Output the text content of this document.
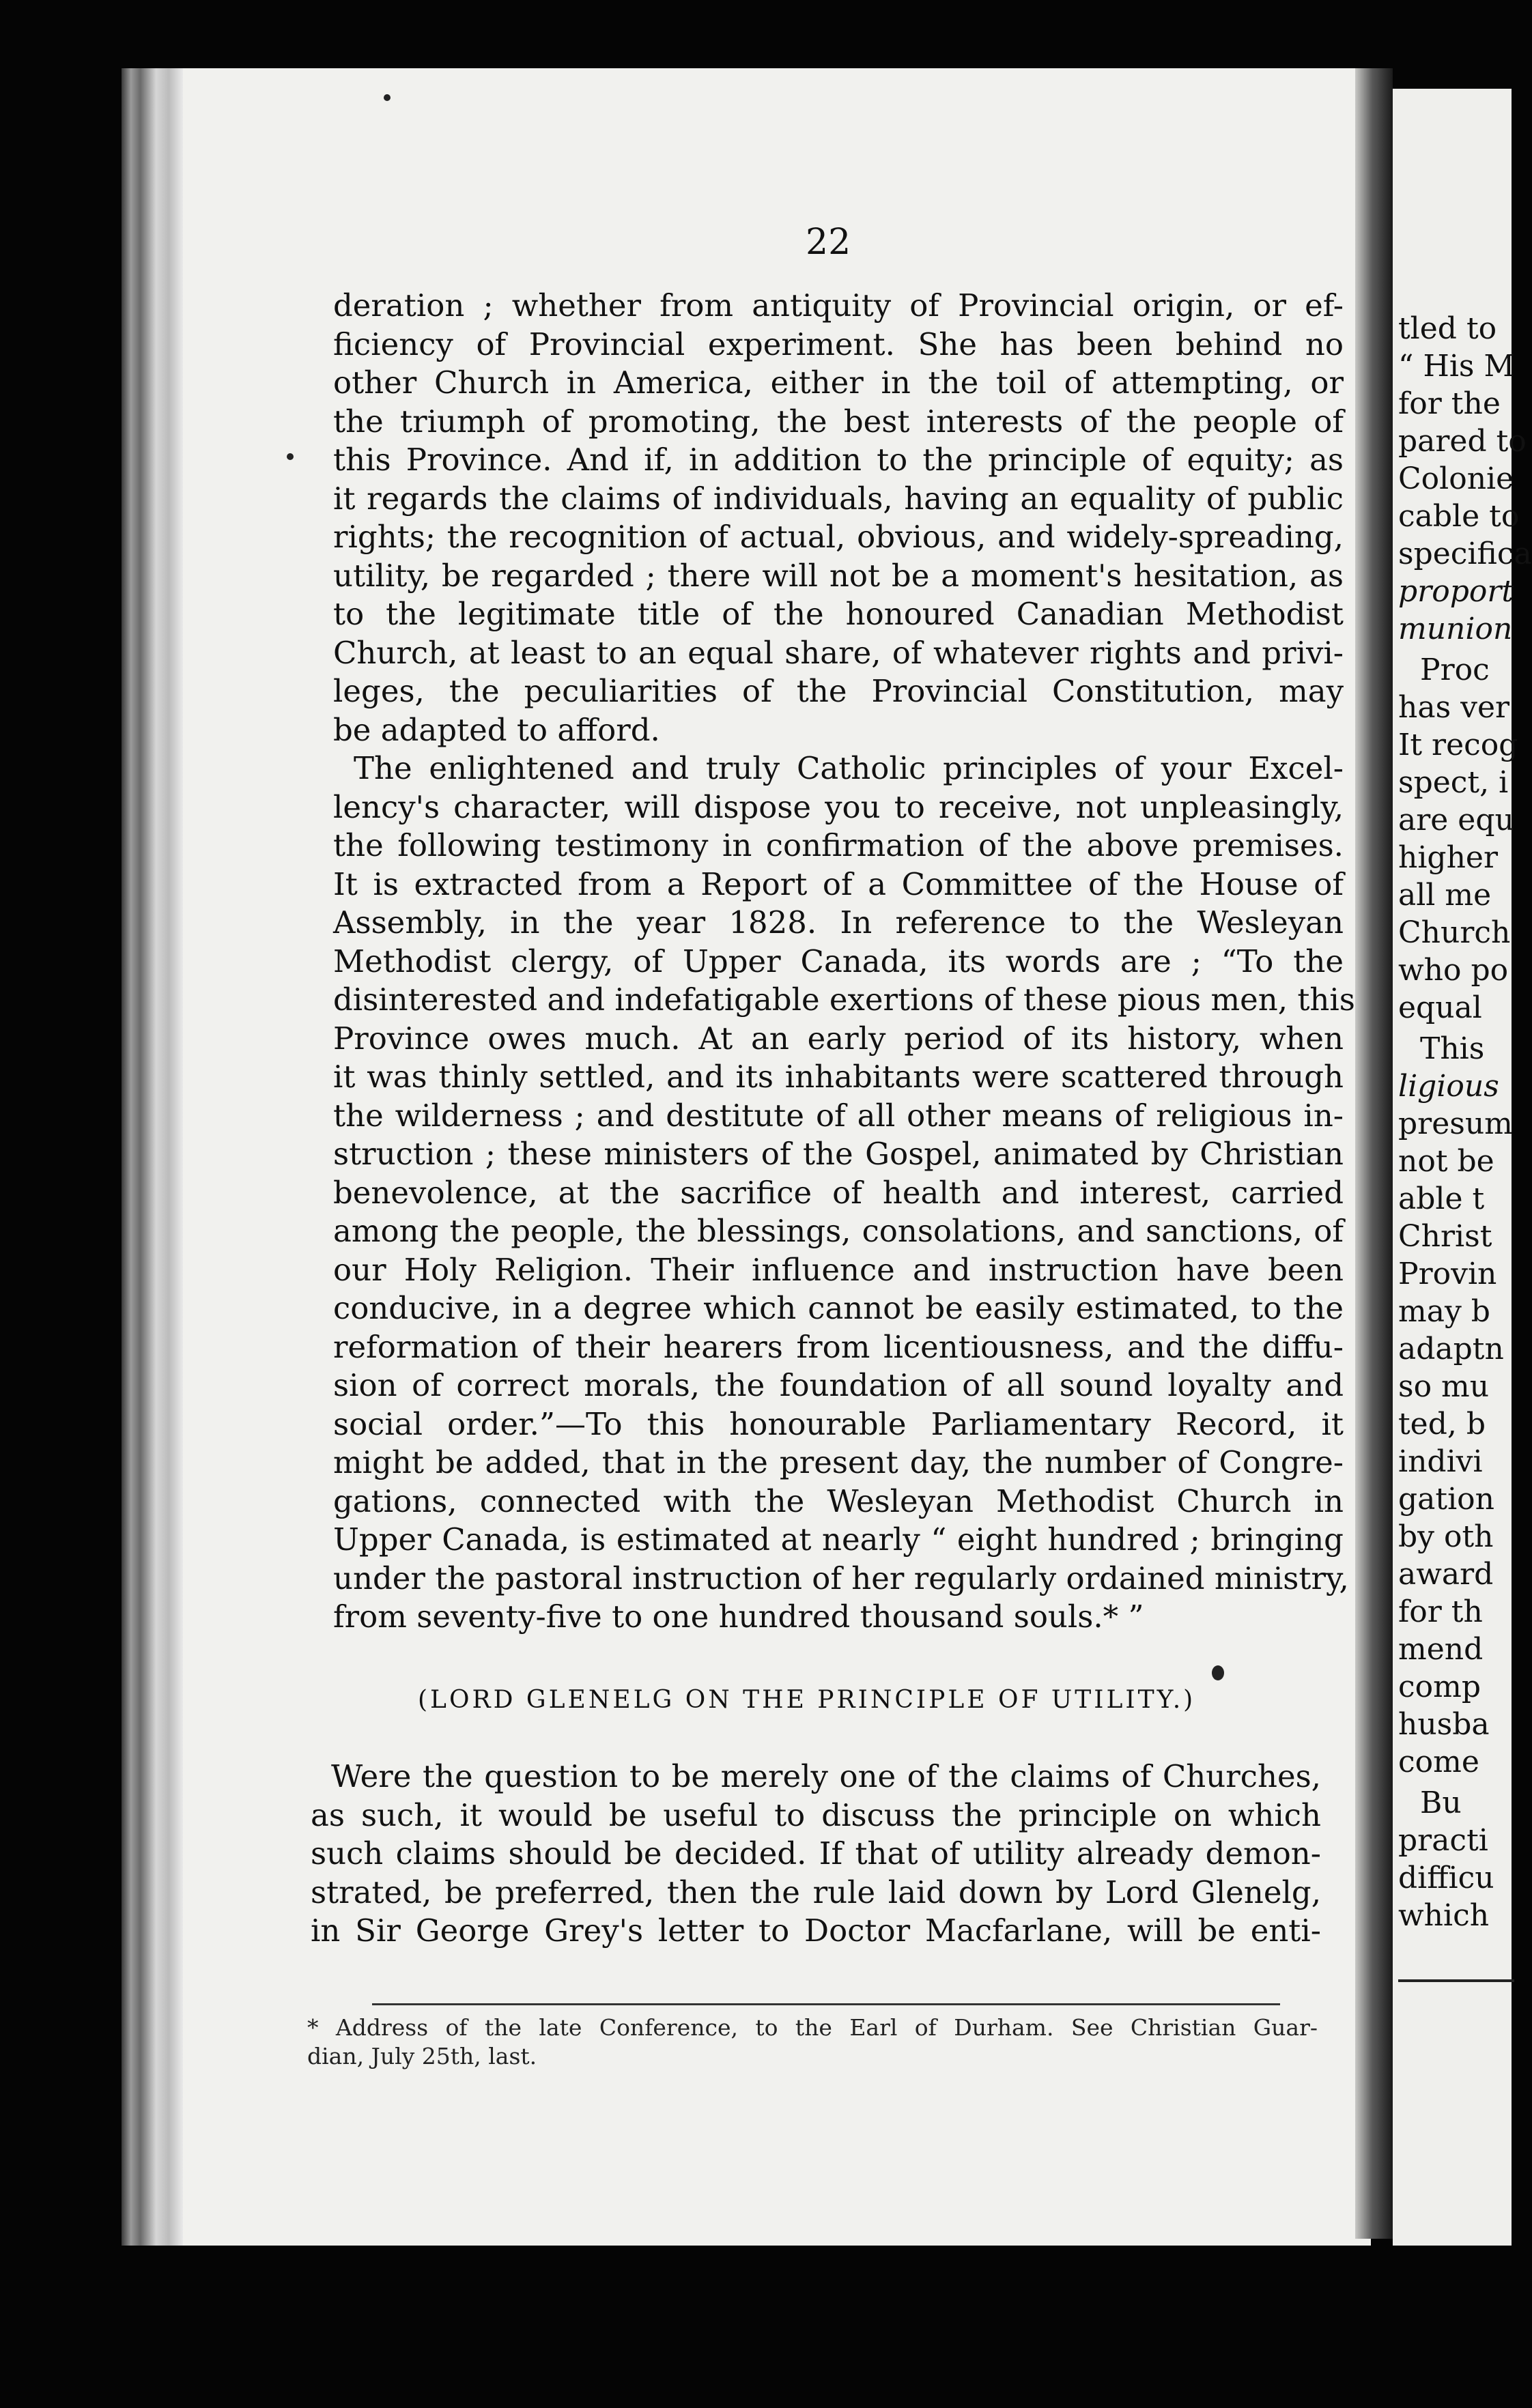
tled to
“ His M
for the
pared to
Colonie
cable to
specifica
proport
munion
Proc
has ver
It recog
spect, i
are equ
higher
all me
Church
who po
equal
This
ligious
presum
not be
able t
Christ
Provin
may b
adaptn
so mu
ted, b
indivi
gation
by oth
award
for th
mend
comp
husba
come
Bu
practi
difficu
which
22
deration ; whether from antiquity of Provincial origin, or ef-
ficiency of Provincial experiment. She has been behind no
other Church in America, either in the toil of attempting, or
the triumph of promoting, the best interests of the people of
this Province. And if, in addition to the principle of equity; as
it regards the claims of individuals, having an equality of public
rights; the recognition of actual, obvious, and widely-spreading,
utility, be regarded ; there will not be a moment's hesitation, as
to the legitimate title of the honoured Canadian Methodist
Church, at least to an equal share, of whatever rights and privi-
leges, the peculiarities of the Provincial Constitution, may
be adapted to afford.
The enlightened and truly Catholic principles of your Excel-
lency's character, will dispose you to receive, not unpleasingly,
the following testimony in confirmation of the above premises.
It is extracted from a Report of a Committee of the House of
Assembly, in the year 1828. In reference to the Wesleyan
Methodist clergy, of Upper Canada, its words are ; “To the
disinterested and indefatigable exertions of these pious men, this
Province owes much. At an early period of its history, when
it was thinly settled, and its inhabitants were scattered through
the wilderness ; and destitute of all other means of religious in-
struction ; these ministers of the Gospel, animated by Christian
benevolence, at the sacrifice of health and interest, carried
among the people, the blessings, consolations, and sanctions, of
our Holy Religion. Their influence and instruction have been
conducive, in a degree which cannot be easily estimated, to the
reformation of their hearers from licentiousness, and the diffu-
sion of correct morals, the foundation of all sound loyalty and
social order.”—To this honourable Parliamentary Record, it
might be added, that in the present day, the number of Congre-
gations, connected with the Wesleyan Methodist Church in
Upper Canada, is estimated at nearly “ eight hundred ; bringing
under the pastoral instruction of her regularly ordained ministry,
from seventy-five to one hundred thousand souls.* ”
(LORD GLENELG ON THE PRINCIPLE OF UTILITY.)
Were the question to be merely one of the claims of Churches,
as such, it would be useful to discuss the principle on which
such claims should be decided. If that of utility already demon-
strated, be preferred, then the rule laid down by Lord Glenelg,
in Sir George Grey's letter to Doctor Macfarlane, will be enti-
* Address of the late Conference, to the Earl of Durham. See Christian Guar-
dian, July 25th, last.
